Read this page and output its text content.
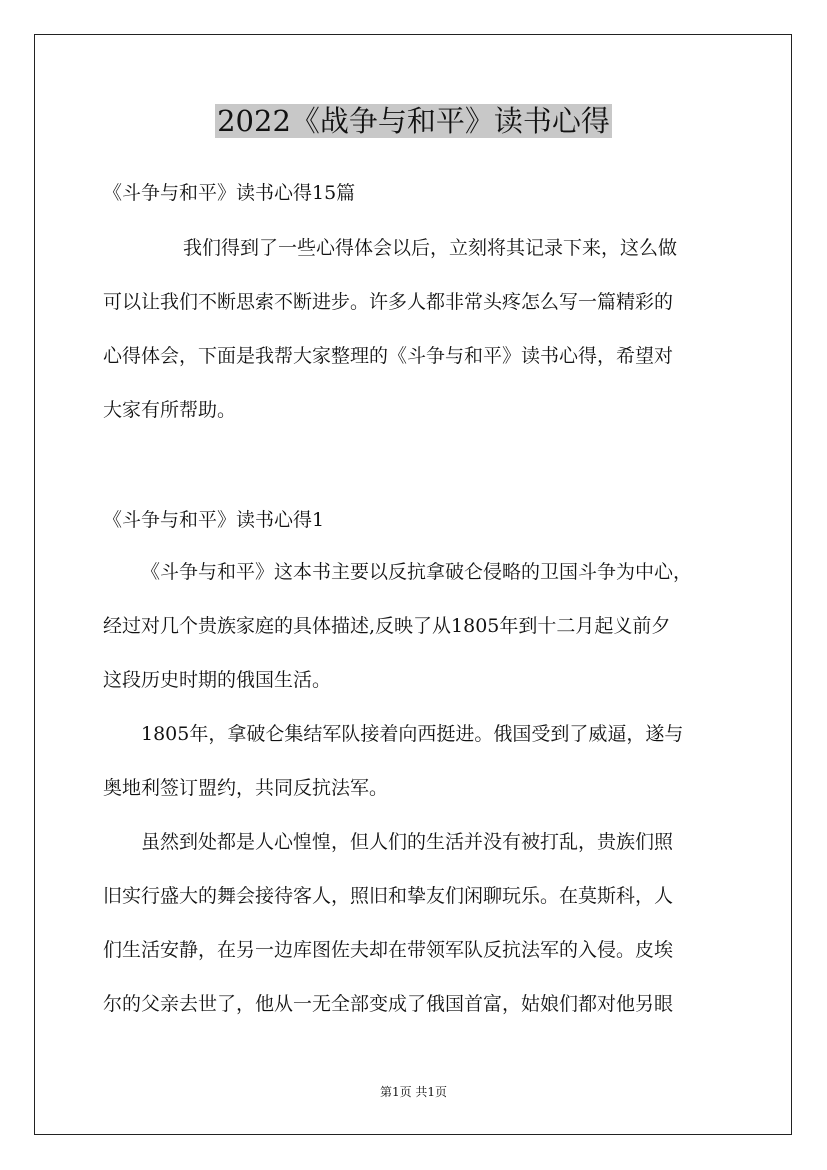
2022《战争与和平》读书心得
《斗争与和平》读书心得15篇
我们得到了一些心得体会以后，立刻将其记录下来，这么做
可以让我们不断思索不断进步。许多人都非常头疼怎么写一篇精彩的
心得体会，下面是我帮大家整理的《斗争与和平》读书心得，希望对
大家有所帮助。
《斗争与和平》读书心得1
《斗争与和平》这本书主要以反抗拿破仑侵略的卫国斗争为中心，
经过对几个贵族家庭的具体描述,反映了从1805年到十二月起义前夕
这段历史时期的俄国生活。
1805年，拿破仑集结军队接着向西挺进。俄国受到了威逼，遂与
奥地利签订盟约，共同反抗法军。
虽然到处都是人心惶惶，但人们的生活并没有被打乱，贵族们照
旧实行盛大的舞会接待客人，照旧和挚友们闲聊玩乐。在莫斯科，人
们生活安静，在另一边库图佐夫却在带领军队反抗法军的入侵。皮埃
尔的父亲去世了，他从一无全部变成了俄国首富，姑娘们都对他另眼
第1页 共1页
